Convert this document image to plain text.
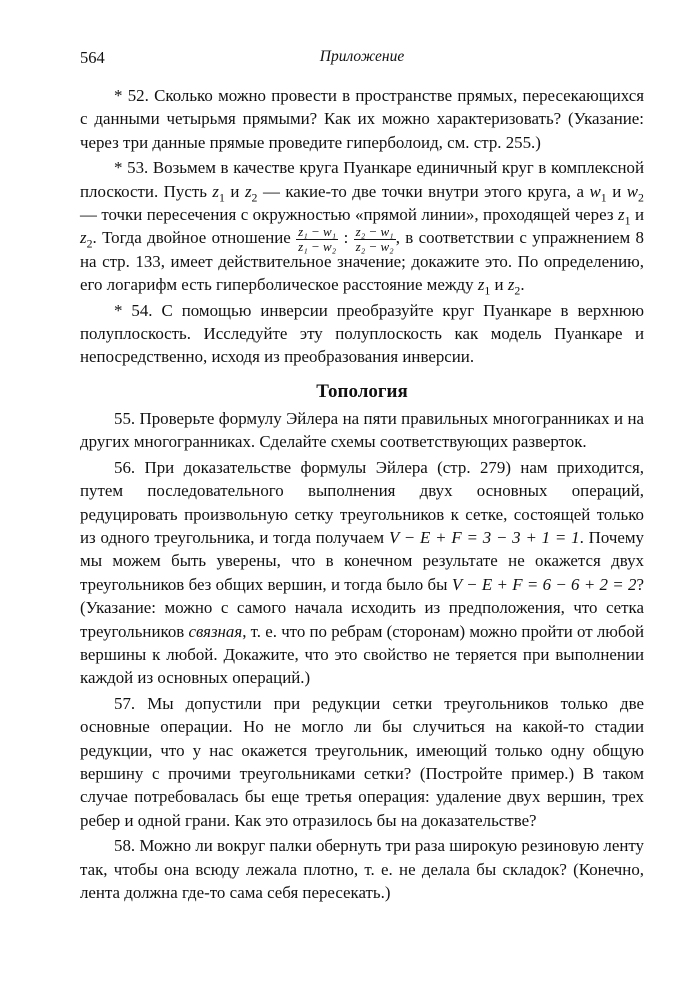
564	Приложение

* 52. Сколько можно провести в пространстве прямых, пересекающихся с данными четырьмя прямыми? Как их можно характеризовать? (Указание: через три данные прямые проведите гиперболоид, см. стр. 255.)

* 53. Возьмем в качестве круга Пуанкаре единичный круг в комплексной плоскости. Пусть $z_1$ и $z_2$ — какие-то две точки внутри этого круга, а $w_1$ и $w_2$ — точки пересечения с окружностью «прямой линии», проходящей через $z_1$ и $z_2$. Тогда двойное отношение $\frac{\text{z₁ − w₁}}{\text{z₁ − w₂}}$ : $\frac{\text{z₂ − w₁}}{\text{z₂ − w₂}}$ , в соответствии с упражнением 8 на стр. 133, имеет действительное значение; докажите это. По определению, его логарифм есть гиперболическое расстояние между $z_1$ и $z_2$.

* 54. С помощью инверсии преобразуйте круг Пуанкаре в верхнюю полуплоскость. Исследуйте эту полуплоскость как модель Пуанкаре и непосредственно, исходя из преобразования инверсии.

Топология

55. Проверьте формулу Эйлера на пяти правильных многогранниках и на других многогранниках. Сделайте схемы соответствующих разверток.

56. При доказательстве формулы Эйлера (стр. 279) нам приходится, путем последовательного выполнения двух основных операций, редуцировать произвольную сетку треугольников к сетке, состоящей только из одного треугольника, и тогда получаем V − E + F = 3 − 3 + 1 = 1. Почему мы можем быть уверены, что в конечном результате не окажется двух треугольников без общих вершин, и тогда было бы V − E + F = 6 − 6 + 2 = 2? (Указание: можно с самого начала исходить из предположения, что сетка треугольников связная, т. е. что по ребрам (сторонам) можно пройти от любой вершины к любой. Докажите, что это свойство не теряется при выполнении каждой из основных операций.)

57. Мы допустили при редукции сетки треугольников только две основные операции. Но не могло ли бы случиться на какой-то стадии редукции, что у нас окажется треугольник, имеющий только одну общую вершину с прочими треугольниками сетки? (Постройте пример.) В таком случае потребовалась бы еще третья операция: удаление двух вершин, трех ребер и одной грани. Как это отразилось бы на доказательстве?

58. Можно ли вокруг палки обернуть три раза широкую резиновую ленту так, чтобы она всюду лежала плотно, т. е. не делала бы складок? (Конечно, лента должна где-то сама себя пересекать.)
